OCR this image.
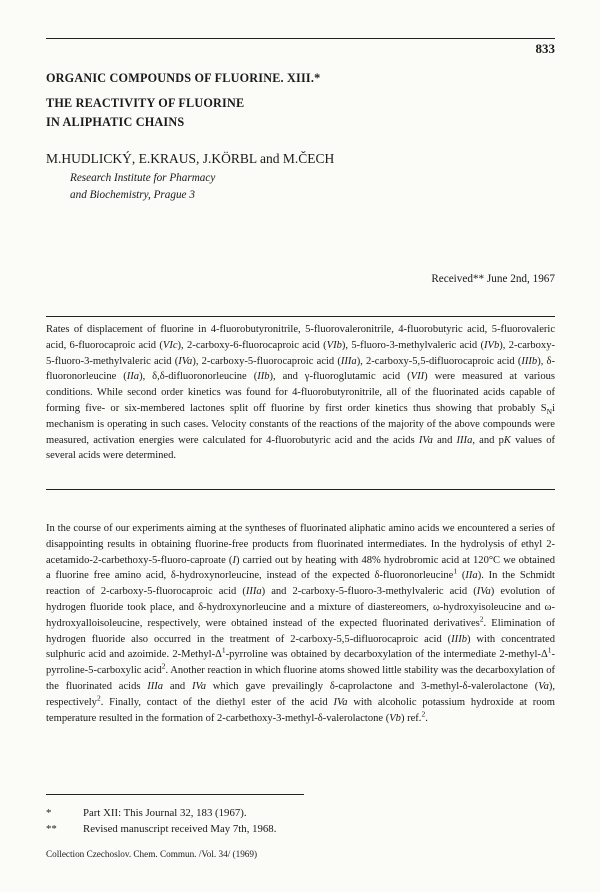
833
ORGANIC COMPOUNDS OF FLUORINE. XIII.*
THE REACTIVITY OF FLUORINE
IN ALIPHATIC CHAINS
M.HUDLICKÝ, E.KRAUS, J.KÖRBL and M.ČECH
Research Institute for Pharmacy
and Biochemistry, Prague 3
Received** June 2nd, 1967

Rates of displacement of fluorine in 4-fluorobutyronitrile, 5-fluorovaleronitrile, 4-fluorobutyric acid, 5-fluorovaleric acid, 6-fluorocaproic acid (VIc), 2-carboxy-6-fluorocaproic acid (VIb), 5-fluoro-3-methylvaleric acid (IVb), 2-carboxy-5-fluoro-3-methylvaleric acid (IVa), 2-carboxy-5-fluorocaproic acid (IIIa), 2-carboxy-5,5-difluorocaproic acid (IIIb), δ-fluoronorleucine (IIa), δ,δ-difluoronorleucine (IIb), and γ-fluoroglutamic acid (VII) were measured at various conditions. While second order kinetics was found for 4-fluorobutyronitrile, all of the fluorinated acids capable of forming five- or six-membered lactones split off fluorine by first order kinetics thus showing that probably $S_Ni$ mechanism is operating in such cases. Velocity constants of the reactions of the majority of the above compounds were measured, activation energies were calculated for 4-fluorobutyric acid and the acids IVa and IIIa, and pK values of several acids were determined.

In the course of our experiments aiming at the syntheses of fluorinated aliphatic amino acids we encountered a series of disappointing results in obtaining fluorine-free products from fluorinated intermediates. In the hydrolysis of ethyl 2-acetamido-2-carbethoxy-5-fluoro-caproate (I) carried out by heating with 48% hydrobromic acid at 120°C we obtained a fluorine free amino acid, δ-hydroxynorleucine, instead of the expected δ-fluoronorleucine$^1$ (IIa). In the Schmidt reaction of 2-carboxy-5-fluorocaproic acid (IIIa) and 2-carboxy-5-fluoro-3-methylvaleric acid (IVa) evolution of hydrogen fluoride took place, and δ-hydroxynorleucine and a mixture of diastereomers, ω-hydroxyisoleucine and ω-hydroxyalloisoleucine, respectively, were obtained instead of the expected fluorinated derivatives$^2$. Elimination of hydrogen fluoride also occurred in the treatment of 2-carboxy-5,5-difluorocaproic acid (IIIb) with concentrated sulphuric acid and azoimide. $2-Methyl-\Delta^1$-pyrroline was obtained by decarboxylation of the intermediate $2-methyl-\Delta^1-pyrroline-5$-carboxylic acid$^2$. Another reaction in which fluorine atoms showed little stability was the decarboxylation of the fluorinated acids IIIa and IVa which gave prevailingly δ-caprolactone and 3-methyl-δ-valerolactone (Va), respectively$^2$. Finally, contact of the diethyl ester of the acid IVa with alcoholic potassium hydroxide at room temperature resulted in the formation of 2-carbethoxy-3-methyl-δ-valerolactone (Vb) ref.$^2$.

*	Part XII: This Journal 32, 183 (1967).
** Revised manuscript received May 7th, 1968.
Collection Czechoslov. Chem. Commun. /Vol. 34/ (1969)
